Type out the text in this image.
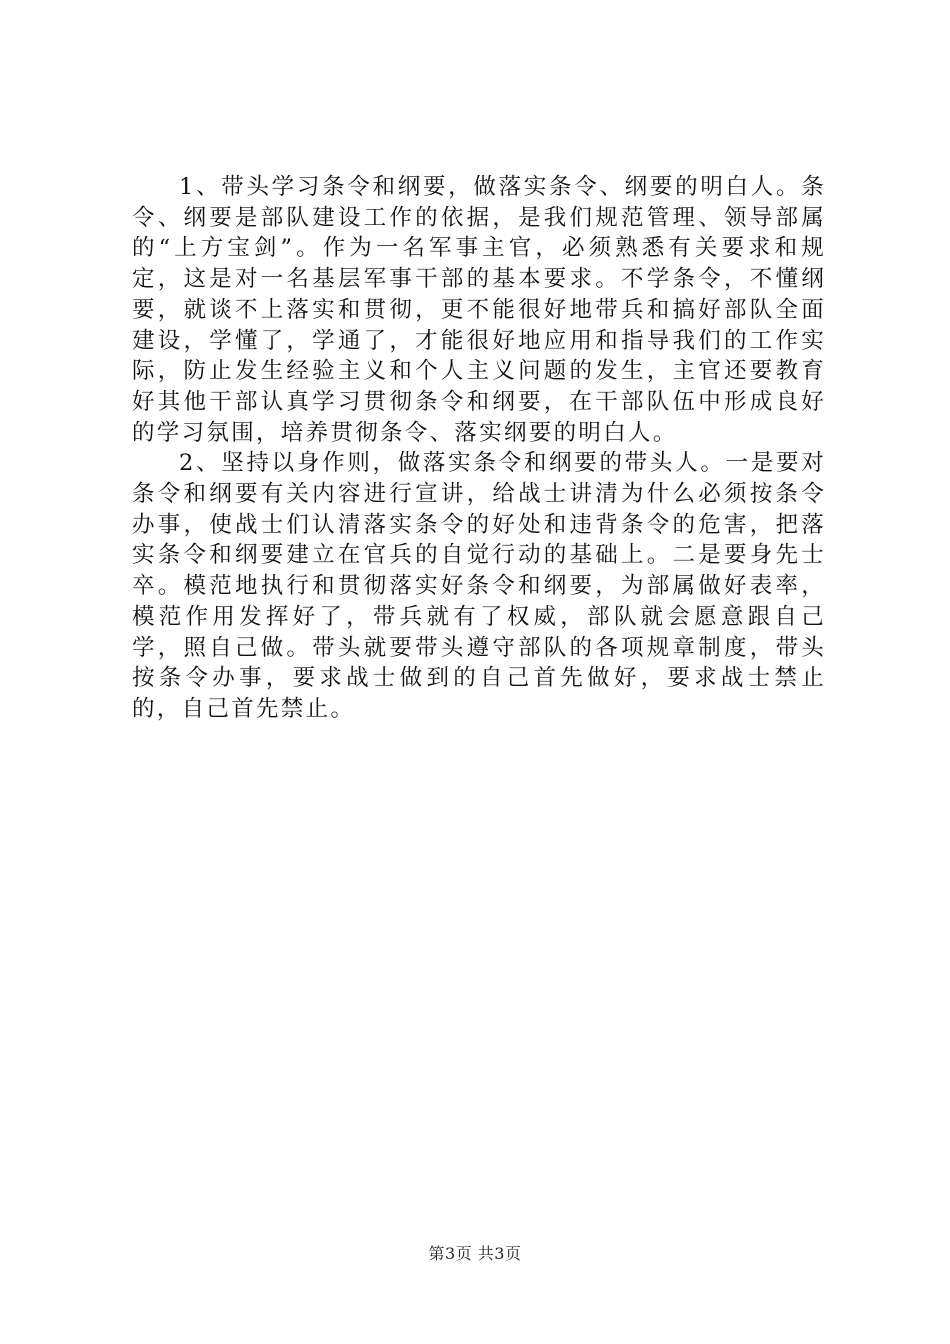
1、带头学习条令和纲要，做落实条令、纲要的明白人。条令、纲要是部队建设工作的依据，是我们规范管理、领导部属的“上方宝剑”。作为一名军事主官，必须熟悉有关要求和规定，这是对一名基层军事干部的基本要求。不学条令，不懂纲要，就谈不上落实和贯彻，更不能很好地带兵和搞好部队全面建设，学懂了，学通了，才能很好地应用和指导我们的工作实际，防止发生经验主义和个人主义问题的发生，主官还要教育好其他干部认真学习贯彻条令和纲要，在干部队伍中形成良好的学习氛围，培养贯彻条令、落实纲要的明白人。

2、坚持以身作则，做落实条令和纲要的带头人。一是要对条令和纲要有关内容进行宣讲，给战士讲清为什么必须按条令办事，使战士们认清落实条令的好处和违背条令的危害，把落实条令和纲要建立在官兵的自觉行动的基础上。二是要身先士卒。模范地执行和贯彻落实好条令和纲要，为部属做好表率，模范作用发挥好了，带兵就有了权威，部队就会愿意跟自己学，照自己做。带头就要带头遵守部队的各项规章制度，带头按条令办事，要求战士做到的自己首先做好，要求战士禁止的，自己首先禁止。

第3页 共3页
